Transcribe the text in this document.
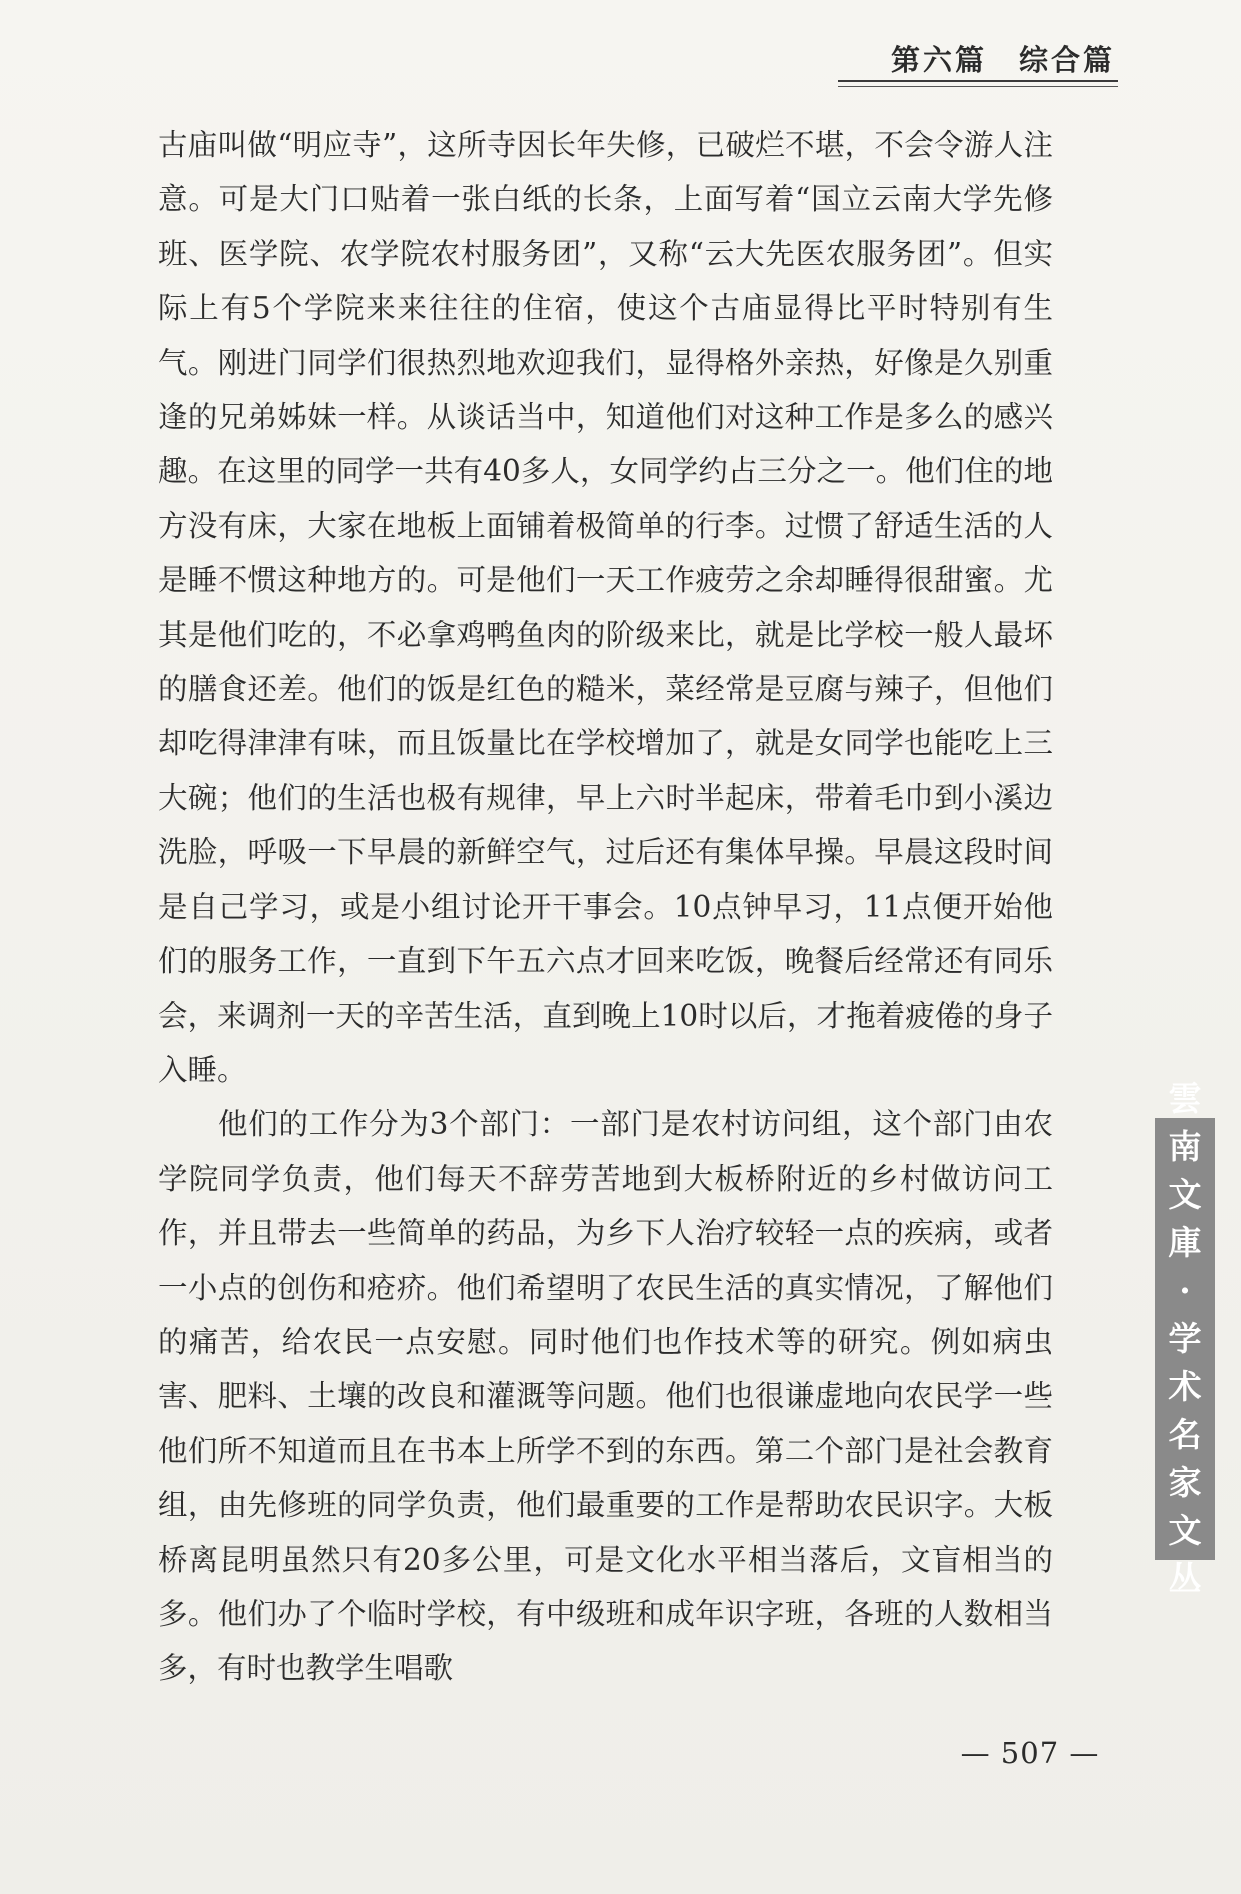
第六篇　综合篇

古庙叫做“明应寺”，这所寺因长年失修，已破烂不堪，不会令游人注意。可是大门口贴着一张白纸的长条，上面写着“国立云南大学先修班、医学院、农学院农村服务团”，又称“云大先医农服务团”。但实际上有5个学院来来往往的住宿，使这个古庙显得比平时特别有生气。刚进门同学们很热烈地欢迎我们，显得格外亲热，好像是久别重逢的兄弟姊妹一样。从谈话当中，知道他们对这种工作是多么的感兴趣。在这里的同学一共有40多人，女同学约占三分之一。他们住的地方没有床，大家在地板上面铺着极简单的行李。过惯了舒适生活的人是睡不惯这种地方的。可是他们一天工作疲劳之余却睡得很甜蜜。尤其是他们吃的，不必拿鸡鸭鱼肉的阶级来比，就是比学校一般人最坏的膳食还差。他们的饭是红色的糙米，菜经常是豆腐与辣子，但他们却吃得津津有味，而且饭量比在学校增加了，就是女同学也能吃上三大碗；他们的生活也极有规律，早上六时半起床，带着毛巾到小溪边洗脸，呼吸一下早晨的新鲜空气，过后还有集体早操。早晨这段时间是自己学习，或是小组讨论开干事会。10点钟早习，11点便开始他们的服务工作，一直到下午五六点才回来吃饭，晚餐后经常还有同乐会，来调剂一天的辛苦生活，直到晚上10时以后，才拖着疲倦的身子入睡。

他们的工作分为3个部门：一部门是农村访问组，这个部门由农学院同学负责，他们每天不辞劳苦地到大板桥附近的乡村做访问工作，并且带去一些简单的药品，为乡下人治疗较轻一点的疾病，或者一小点的创伤和疮疥。他们希望明了农民生活的真实情况，了解他们的痛苦，给农民一点安慰。同时他们也作技术等的研究。例如病虫害、肥料、土壤的改良和灌溉等问题。他们也很谦虚地向农民学一些他们所不知道而且在书本上所学不到的东西。第二个部门是社会教育组，由先修班的同学负责，他们最重要的工作是帮助农民识字。大板桥离昆明虽然只有20多公里，可是文化水平相当落后，文盲相当的多。他们办了个临时学校，有中级班和成年识字班，各班的人数相当多，有时也教学生唱歌

雲
南
文
庫
·
学
术
名
家
文
丛
— 507 —
